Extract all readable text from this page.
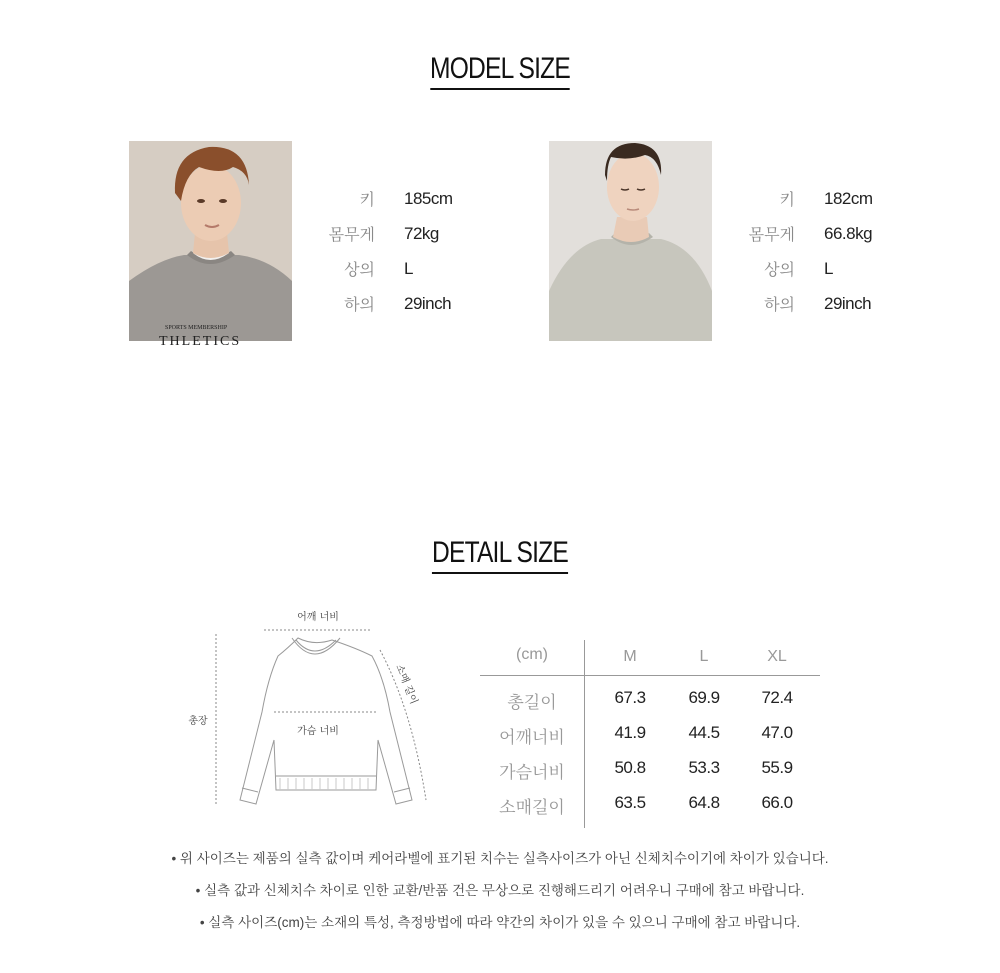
MODEL SIZE
SPORTS MEMBERSHIP
THLETICS
키 185cm
몸무게 72kg
상의 L
하의 29inch
키 182cm
몸무게 66.8kg
상의 L
하의 29inch
DETAIL SIZE
어깨 너비
총장
가슴 너비
소매 길이
(cm)	M	L	XL
총길이	67.3	69.9	72.4
어깨너비	41.9	44.5	47.0
가슴너비	50.8	53.3	55.9
소매길이	63.5	64.8	66.0
• 위 사이즈는 제품의 실측 값이며 케어라벨에 표기된 치수는 실측사이즈가 아닌 신체치수이기에 차이가 있습니다.
• 실측 값과 신체치수 차이로 인한 교환/반품 건은 무상으로 진행해드리기 어려우니 구매에 참고 바랍니다.
• 실측 사이즈(cm)는 소재의 특성, 측정방법에 따라 약간의 차이가 있을 수 있으니 구매에 참고 바랍니다.
